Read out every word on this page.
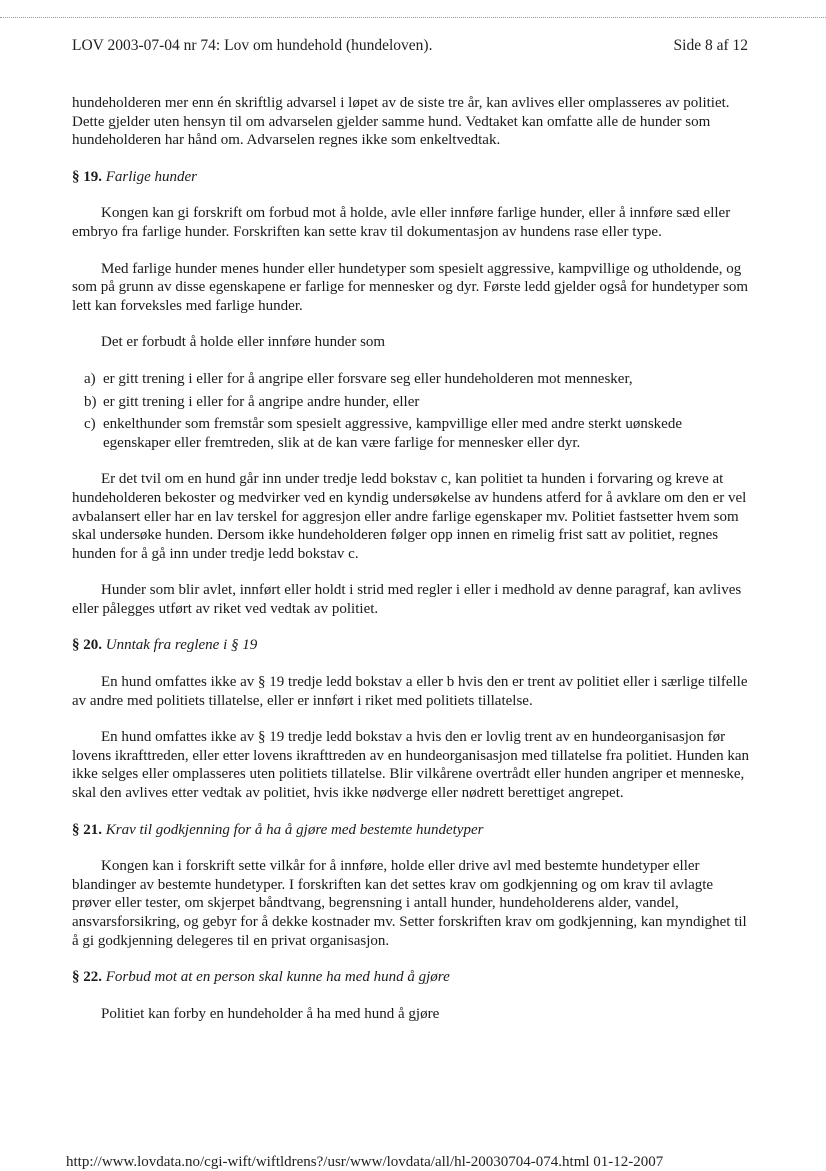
LOV 2003-07-04 nr 74: Lov om hundehold (hundeloven).	Side 8 af 12

hundeholderen mer enn én skriftlig advarsel i løpet av de siste tre år, kan avlives eller omplasseres av politiet. Dette gjelder uten hensyn til om advarselen gjelder samme hund. Vedtaket kan omfatte alle de hunder som hundeholderen har hånd om. Advarselen regnes ikke som enkeltvedtak.

§ 19. Farlige hunder

Kongen kan gi forskrift om forbud mot å holde, avle eller innføre farlige hunder, eller å innføre sæd eller embryo fra farlige hunder. Forskriften kan sette krav til dokumentasjon av hundens rase eller type.

Med farlige hunder menes hunder eller hundetyper som spesielt aggressive, kampvillige og utholdende, og som på grunn av disse egenskapene er farlige for mennesker og dyr. Første ledd gjelder også for hundetyper som lett kan forveksles med farlige hunder.

Det er forbudt å holde eller innføre hunder som

a) er gitt trening i eller for å angripe eller forsvare seg eller hundeholderen mot mennesker,
b) er gitt trening i eller for å angripe andre hunder, eller
c) enkelthunder som fremstår som spesielt aggressive, kampvillige eller med andre sterkt uønskede egenskaper eller fremtreden, slik at de kan være farlige for mennesker eller dyr.

Er det tvil om en hund går inn under tredje ledd bokstav c, kan politiet ta hunden i forvaring og kreve at hundeholderen bekoster og medvirker ved en kyndig undersøkelse av hundens atferd for å avklare om den er vel avbalansert eller har en lav terskel for aggresjon eller andre farlige egenskaper mv. Politiet fastsetter hvem som skal undersøke hunden. Dersom ikke hundeholderen følger opp innen en rimelig frist satt av politiet, regnes hunden for å gå inn under tredje ledd bokstav c.

Hunder som blir avlet, innført eller holdt i strid med regler i eller i medhold av denne paragraf, kan avlives eller pålegges utført av riket ved vedtak av politiet.

§ 20. Unntak fra reglene i § 19

En hund omfattes ikke av § 19 tredje ledd bokstav a eller b hvis den er trent av politiet eller i særlige tilfelle av andre med politiets tillatelse, eller er innført i riket med politiets tillatelse.

En hund omfattes ikke av § 19 tredje ledd bokstav a hvis den er lovlig trent av en hundeorganisasjon før lovens ikrafttreden, eller etter lovens ikrafttreden av en hundeorganisasjon med tillatelse fra politiet. Hunden kan ikke selges eller omplasseres uten politiets tillatelse. Blir vilkårene overtrådt eller hunden angriper et menneske, skal den avlives etter vedtak av politiet, hvis ikke nødverge eller nødrett berettiget angrepet.

§ 21. Krav til godkjenning for å ha å gjøre med bestemte hundetyper

Kongen kan i forskrift sette vilkår for å innføre, holde eller drive avl med bestemte hundetyper eller blandinger av bestemte hundetyper. I forskriften kan det settes krav om godkjenning og om krav til avlagte prøver eller tester, om skjerpet båndtvang, begrensning i antall hunder, hundeholderens alder, vandel, ansvarsforsikring, og gebyr for å dekke kostnader mv. Setter forskriften krav om godkjenning, kan myndighet til å gi godkjenning delegeres til en privat organisasjon.

§ 22. Forbud mot at en person skal kunne ha med hund å gjøre

Politiet kan forby en hundeholder å ha med hund å gjøre

http://www.lovdata.no/cgi-wift/wiftldrens?/usr/www/lovdata/all/hl-20030704-074.html 01-12-2007
